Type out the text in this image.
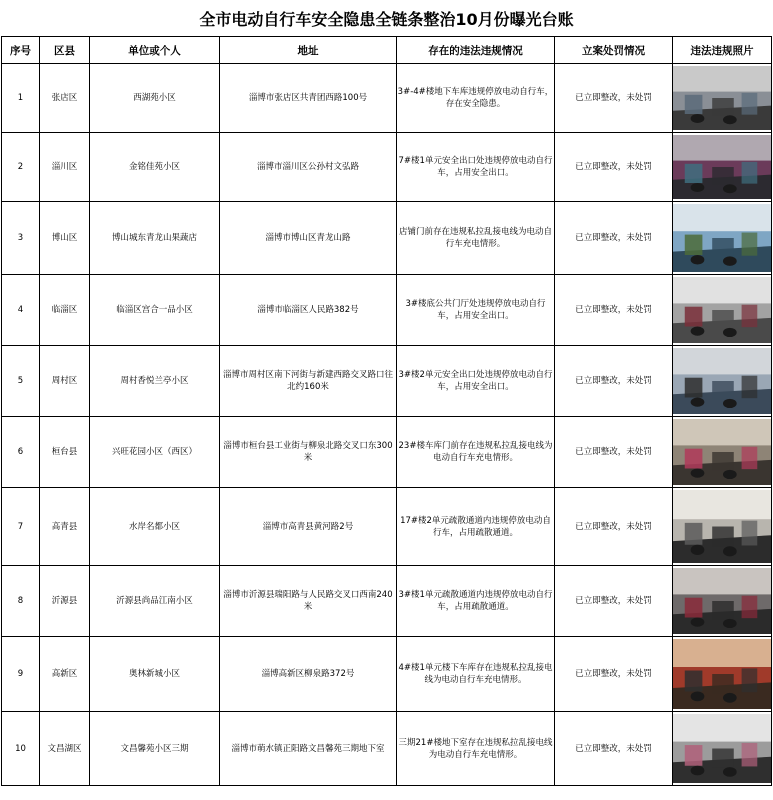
全市电动自行车安全隐患全链条整治10月份曝光台账
序号	区县	单位或个人	地址	存在的违法违规情况	立案处罚情况	违法违规照片
1	张店区	西湖苑小区	淄博市张店区共青团西路100号	3#-4#楼地下车库违规停放电动自行车，存在安全隐患。	已立即整改，未处罚	

2	淄川区	金铭佳苑小区	淄博市淄川区公孙村文弘路	7#楼1单元安全出口处违规停放电动自行车，占用安全出口。	已立即整改，未处罚	

3	博山区	博山城东青龙山果蔬店	淄博市博山区青龙山路	店铺门前存在违规私拉乱接电线为电动自行车充电情形。	已立即整改，未处罚	

4	临淄区	临淄区宫合一品小区	淄博市临淄区人民路382号	3#楼底公共门厅处违规停放电动自行车，占用安全出口。	已立即整改，未处罚	

5	周村区	周村香悦兰亭小区	淄博市周村区南下河街与新建西路交叉路口往北约160米	3#楼2单元安全出口处违规停放电动自行车，占用安全出口。	已立即整改，未处罚	

6	桓台县	兴旺花园小区（西区）	淄博市桓台县工业街与柳泉北路交叉口东300米	23#楼车库门前存在违规私拉乱接电线为电动自行车充电情形。	已立即整改，未处罚	

7	高青县	水岸名都小区	淄博市高青县黄河路2号	17#楼2单元疏散通道内违规停放电动自行车，占用疏散通道。	已立即整改，未处罚	

8	沂源县	沂源县尚品江南小区	淄博市沂源县瑞阳路与人民路交叉口西南240米	3#楼1单元疏散通道内违规停放电动自行车，占用疏散通道。	已立即整改，未处罚	

9	高新区	奥林新城小区	淄博高新区柳泉路372号	4#楼1单元楼下车库存在违规私拉乱接电线为电动自行车充电情形。	已立即整改，未处罚	

10	文昌湖区	文昌馨苑小区三期	淄博市萌水镇正阳路文昌馨苑三期地下室	三期21#楼地下室存在违规私拉乱接电线为电动自行车充电情形。	已立即整改，未处罚	
